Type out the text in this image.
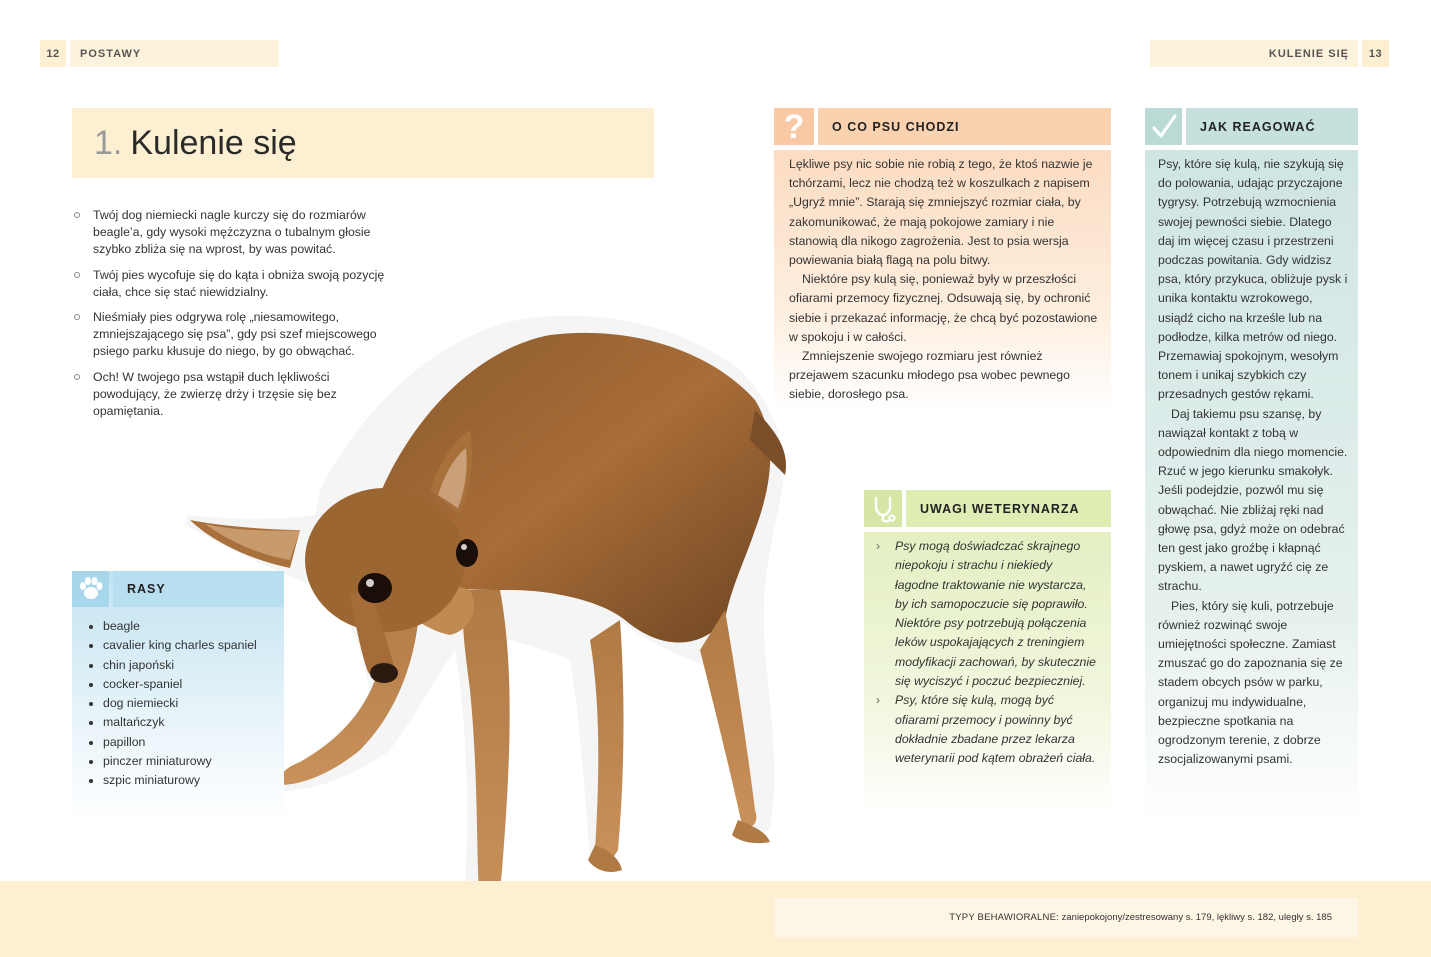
12	POSTAWY	KULENIE SIĘ	13
1. Kulenie się
Twój dog niemiecki nagle kurczy się do rozmiarów beagle’a, gdy wysoki mężczyzna o tubalnym głosie szybko zbliża się na wprost, by was powitać.
Twój pies wycofuje się do kąta i obniża swoją pozycję ciała, chce się stać niewidzialny.
Nieśmiały pies odgrywa rolę „niesamowitego, zmniejszającego się psa”, gdy psi szef miejscowego psiego parku kłusuje do niego, by go obwąchać.
Och! W twojego psa wstąpił duch lękliwości powodujący, że zwierzę drży i trzęsie się bez opamiętania.
RASY
beagle
cavalier king charles spaniel
chin japoński
cocker-spaniel
dog niemiecki
maltańczyk
papillon
pinczer miniaturowy
szpic miniaturowy
?	O CO PSU CHODZI

Lękliwe psy nic sobie nie robią z tego, że ktoś nazwie je tchórzami, lecz nie chodzą też w koszulkach z napisem „Ugryź mnie”. Starają się zmniejszyć rozmiar ciała, by zakomunikować, że mają pokojowe zamiary i nie stanowią dla nikogo zagrożenia. Jest to psia wersja powiewania białą flagą na polu bitwy.

Niektóre psy kulą się, ponieważ były w przeszłości ofiarami przemocy fizycznej. Odsuwają się, by ochronić siebie i przekazać informację, że chcą być pozostawione w spokoju i w całości.

Zmniejszenie swojego rozmiaru jest również przejawem szacunku młodego psa wobec pewnego siebie, dorosłego psa.

UWAGI WETERYNARZA
› Psy mogą doświadczać skrajnego niepokoju i strachu i niekiedy łagodne traktowanie nie wystarcza, by ich samopoczucie się poprawiło. Niektóre psy potrzebują połączenia leków uspokajających z treningiem modyfikacji zachowań, by skutecznie się wyciszyć i poczuć bezpieczniej.
› Psy, które się kulą, mogą być ofiarami przemocy i powinny być dokładnie zbadane przez lekarza weterynarii pod kątem obrażeń ciała.
JAK REAGOWAĆ

Psy, które się kulą, nie szykują się do polowania, udając przyczajone tygrysy. Potrzebują wzmocnienia swojej pewności siebie. Dlatego daj im więcej czasu i przestrzeni podczas powitania. Gdy widzisz psa, który przykuca, obliżuje pysk i unika kontaktu wzrokowego, usiądź cicho na krześle lub na podłodze, kilka metrów od niego. Przemawiaj spokojnym, wesołym tonem i unikaj szybkich czy przesadnych gestów rękami.

Daj takiemu psu szansę, by nawiązał kontakt z tobą w odpowiednim dla niego momencie. Rzuć w jego kierunku smakołyk. Jeśli podejdzie, pozwól mu się obwąchać. Nie zbliżaj ręki nad głowę psa, gdyż może on odebrać ten gest jako groźbę i kłapnąć pyskiem, a nawet ugryźć cię ze strachu.

Pies, który się kuli, potrzebuje również rozwinąć swoje umiejętności społeczne. Zamiast zmuszać go do zapoznania się ze stadem obcych psów w parku, organizuj mu indywidualne, bezpieczne spotkania na ogrodzonym terenie, z dobrze zsocjalizowanymi psami.

TYPY BEHAWIORALNE: zaniepokojony/zestresowany s. 179, lękliwy s. 182, uległy s. 185
